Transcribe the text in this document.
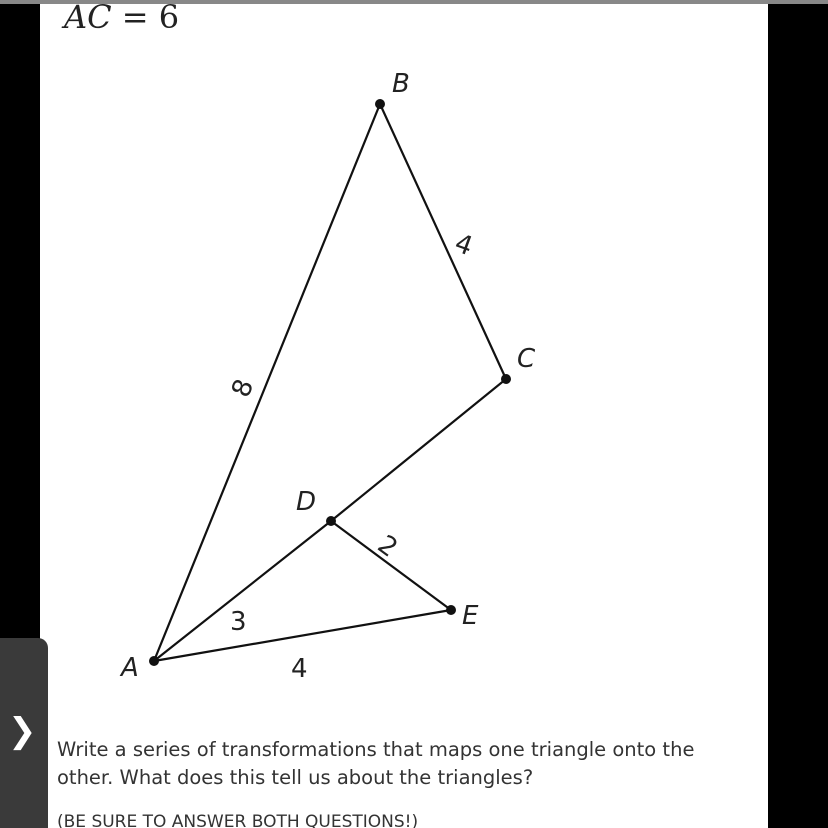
AC = 6
B
C
D
E
A
4
8
2
3
4
Write a series of transformations that maps one triangle onto the other. What does this tell us about the triangles?
(BE SURE TO ANSWER BOTH QUESTIONS!)
❯
